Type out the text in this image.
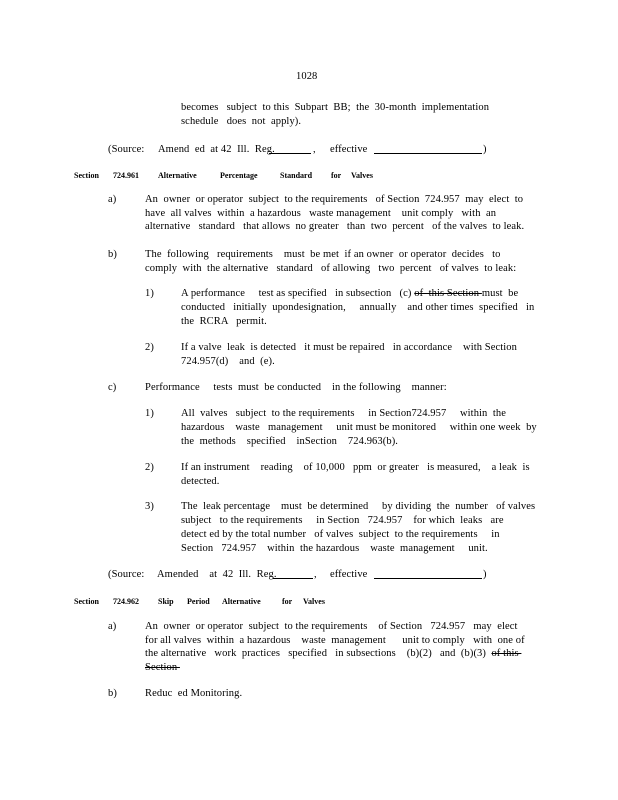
1028
becomes   subject  to this  Subpart  BB;  the  30-month  implementation
schedule   does  not  apply).
(Source: Amend  ed  at 42  Ill.  Reg.	, effective	)
Section 724.961 Alternative	Percentage	Standard for Valves
a)	An  owner  or operator  subject  to the requirements   of Section  724.957  may  elect  to
have  all valves  within  a hazardous   waste management    unit comply   with  an
alternative   standard   that allows  no greater   than  two  percent   of the valves  to leak.
b)	The  following   requirements    must  be met  if an owner  or operator  decides   to
comply  with  the alternative   standard   of allowing   two  percent   of valves  to leak:
1)	A performance     test as specified   in subsection   (c) of  this Section must  be
conducted   initially  upondesignation,     annually    and other times  specified   in
the  RCRA   permit.
2)	If a valve  leak  is detected   it must be repaired   in accordance    with Section
724.957(d)    and  (e).
c)	Performance     tests  must  be conducted    in the following    manner:
1)	All  valves   subject  to the requirements     in Section724.957     within  the
hazardous    waste   management     unit must be monitored     within one week  by
the  methods    specified    inSection    724.963(b).
2)	If an instrument    reading    of 10,000   ppm  or greater   is measured,    a leak  is
detected.
3)	The  leak percentage    must  be determined     by dividing  the  number   of valves
subject   to the requirements     in Section   724.957    for which  leaks   are
detect ed by the total number   of valves  subject  to the requirements     in
Section   724.957    within  the hazardous    waste  management     unit.
(Source: Amended    at  42  Ill.  Reg.	, effective	)
Section 724.962 Skip Period Alternative	for Valves
a)	An  owner  or operator  subject  to the requirements    of Section   724.957   may  elect
for all valves  within  a hazardous    waste  management      unit to comply   with  one of
the alternative   work  practices   specified   in subsections    (b)(2)   and  (b)(3)  of this
Section
b)	Reduc  ed Monitoring.
